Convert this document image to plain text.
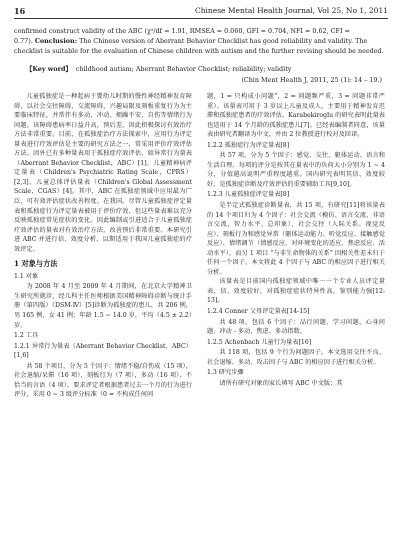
16	Chinese Mental Health Journal, Vol 25, No 1, 2011
confirmed construct validity of the ABC (χ²/df = 1.91, RMSEA = 0.060, GFI = 0.704, NFI = 0.62, CFI =
0.77). Conclusion: The Chinese version of Aberrant Behavior Checklist has good reliability and validity. The
checklist is suitable for the evaluation of Chinese children with autism and the further revising should be needed.
【Key word】 childhood autism; Aberrant Behavior Checklist; reliability; validity
(Chin Ment Health J, 2011, 25 (1): 14 – 19.)

儿童孤独症是一种起病于婴幼儿时期的慢性神经精神发育障碍，以社会交往障碍、交流障碍、兴趣局限及刻板重复行为为主要临床特征，并常伴有多动、冲动、烦躁不安、自伤等情绪行为问题。该障碍患病率日益升高，预后差，因此积极探讨有效治疗方法非常重要。目前，在孤独症治疗方法探索中，应用行为评定量表进行疗效评估是主要的研究方法之一，常采用评价疗效评估方法。因外已有多种量表用于孤独症疗效评估，如异常行为量表（Aberrant Behavior Checklist，ABC）[1]、儿童精神病评定量表（Children's Psychiatric Rating Scale，CPRS）[2,3]、儿童总体评估量表（Children's Global Assessment Scale，CGAS）[4]。其中，ABC 在孤独症领域中应用最为广泛，可有效评估症状改善程度。在我国，尽管儿童孤独症评定量表和孤独症行为评定量表被用于评价疗效，但这些量表难以充分反映孤独症常见症状的变化。因此编制或引进适合于儿童孤独症疗效评估的量表对有效治疗方法，改善预后非常重要。本研究引进 ABC 并进行信、效度分析，以期适用于我国儿童孤独症的疗效评定。

1 对象与方法
1.1 对象

为 2008 年 4 月至 2009 年 4 月期间，在北京大学精神卫生研究所就诊，经儿科主任医师根据美国精神障碍诊断与统计手册（第四版）（DSM-Ⅳ）[5]诊断为孤独症的患儿，共 206 例，男 165 例，女 41 例；年龄 1.5 ~ 14.0 岁，平均（4.5 ± 2.2）岁。

1.2 工具
1.2.1 异常行为量表（Aberrant Behavior Checklist，ABC）[1,6]

共 58 个项目，分为 5 个因子：情绪不稳/自伤成（15 项），社会退缩/呆滞（16 项），刻板行为（7 项），多动（16 项），不恰当的言语（4 项）。要求评定者根据患者过去一个月的行为进行评分，采用 0 ~ 3 级评分标准（0 = 不构成任何问

题，1 = 只构成小问题"，2 = 问题频严重，3 = 问题非常严重）。该量表可用于 3 岁以上儿童及成人，主要用于精神发育迟滞和孤独症患者的疗效评估。Karabekiroglu 的研究表明此量表也适用于 14 个月龄的孤独症患儿[7]。已经表编制者同意，该量表由研究者翻译为中文，并由 2 位教授进行校对及回译。

1.2.2 孤独症行为评定量表[8]

共 57 项，分为 5 个因子：感觉、交往、躯体运动、语言和生活自理。每项的评分是按其在量表中的负荷大小分别为 1 ~ 4 分，分值越高说明严重程度越重。国内研究表明其信、效度较好，是孤独症诊断及疗效评估的重要辅助工具[9,10]。

1.2.3 儿童孤独症评定量表[8]

是半定式孤独症诊断量表，共 15 项，有研究[11]将该量表的 14 个项目归为 4 个因子：社会交流（模仿、语言交流、非语言交流、智力水平、总印象）、社会交往（人际关系、视觉反应）、刻板行为和感觉异常（躯体运动能力、听觉反应、接触感觉反应）、情绪调节（情感反应、对环境变化的适应、焦虑反应、活动水平），而另 1 项目 "与非生命物体的关系" 因相关性差未归于任何一个因子。本文将此 4 个因子与 ABC 的相应因子进行相关分析。

该量表是目前国内孤独症领域中唯一一个专业人员评定量表，信、效度较好，对孤独症症状特异性高，鉴别能力强[12-13]。

1.2.4 Conner 父母评定量表[14-15]

共 48 项，包括 6 个因子：品行问题、学习问题、心身问题、冲动 - 多动、焦虑、多动指数。

1.2.5 Achenbach 儿童行为量表[16]

共 118 项，包括 9 个行为问题因子，本文选用交往不良、社会退缩、多动、攻击因子与 ABC 的相应因子进行相关分析。

1.3 研究步骤

请所有研究对象的家长填写 ABC 中文版；其
